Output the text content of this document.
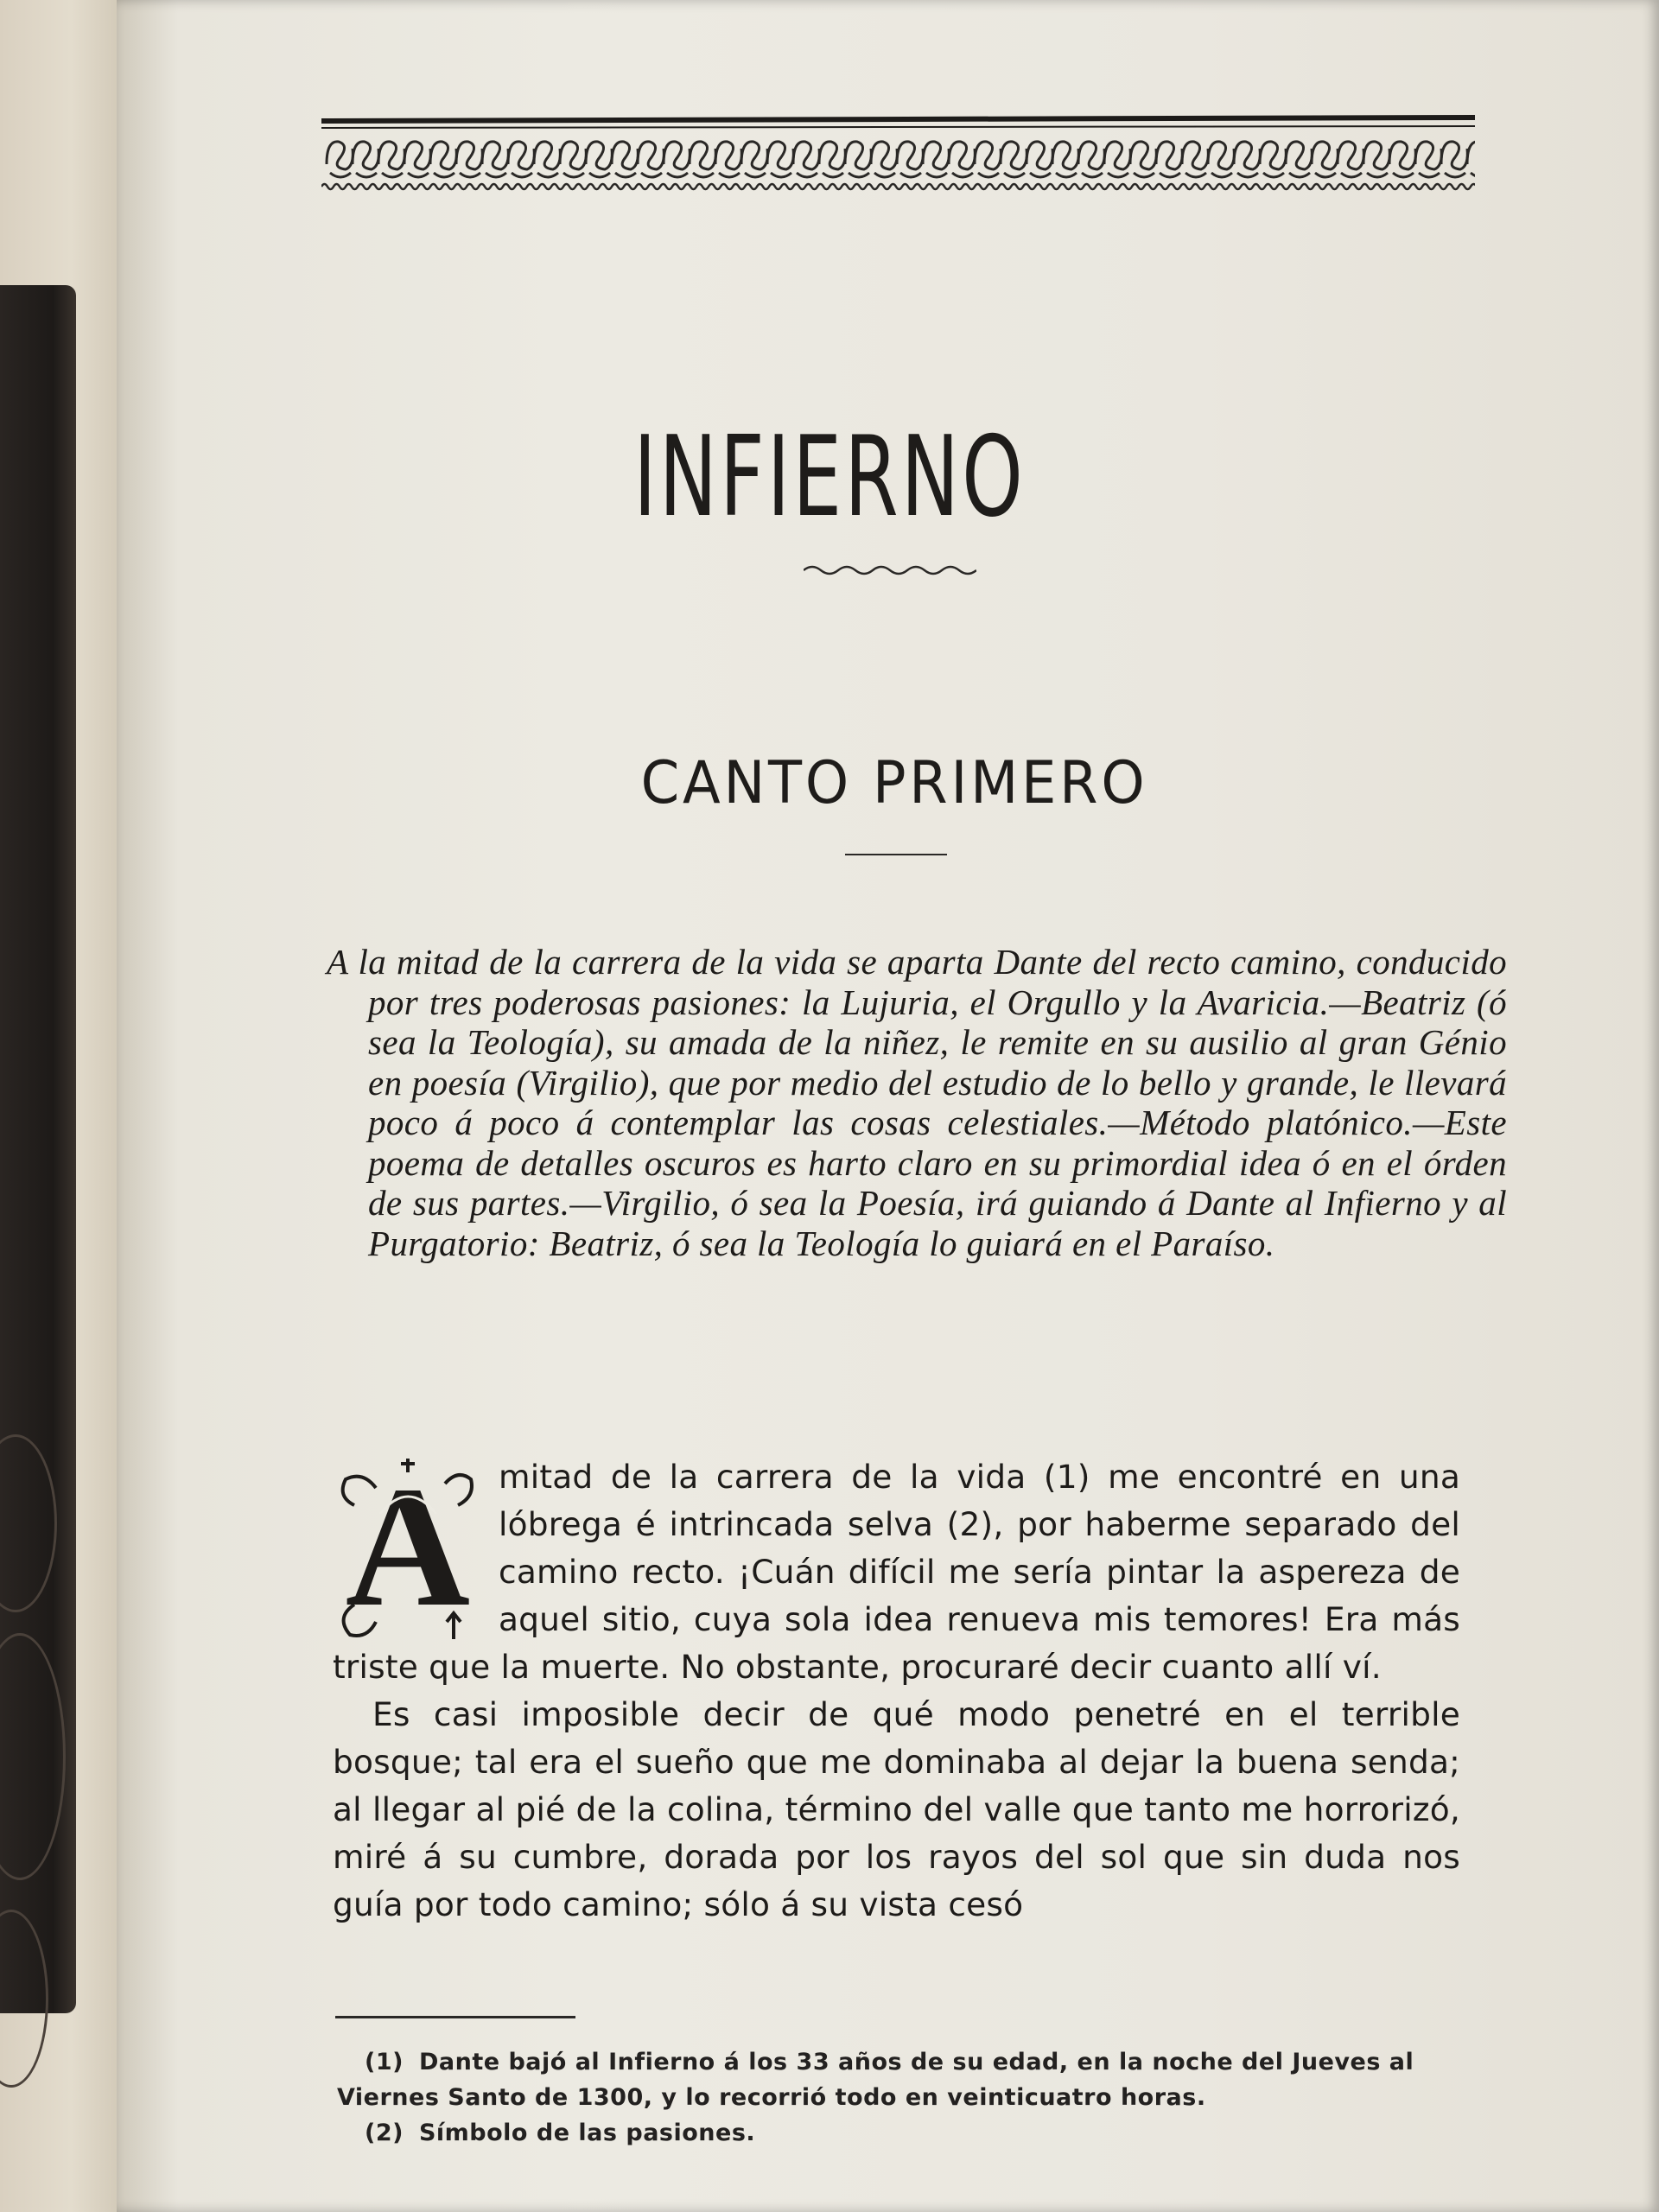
INFIERNO
CANTO PRIMERO
A la mitad de la carrera de la vida se aparta Dante del recto camino, conducido por tres poderosas pasiones: la Lujuria, el Orgullo y la Avaricia.—Beatriz (ó sea la Teología), su amada de la niñez, le remite en su ausilio al gran Génio en poesía (Virgilio), que por medio del estudio de lo bello y grande, le llevará poco á poco á contemplar las cosas celestiales.—Método platónico.—Este poema de detalles oscuros es harto claro en su primordial idea ó en el órden de sus partes.—Virgilio, ó sea la Poesía, irá guiando á Dante al Infierno y al Purgatorio: Beatriz, ó sea la Teología lo guiará en el Paraíso.
A mitad de la carrera de la vida (1) me encontré en una lóbrega é intrincada selva (2), por haberme separado del camino recto. ¡Cuán difícil me sería pintar la aspereza de aquel sitio, cuya sola idea renueva mis temores! Era más triste que la muerte. No obstante, procuraré decir cuanto allí ví.

Es casi imposible decir de qué modo penetré en el terrible bosque; tal era el sueño que me dominaba al dejar la buena senda; al llegar al pié de la colina, término del valle que tanto me horrorizó, miré á su cumbre, dorada por los rayos del sol que sin duda nos guía por todo camino; sólo á su vista cesó

(1) Dante bajó al Infierno á los 33 años de su edad, en la noche del Jueves al Viernes Santo de 1300, y lo recorrió todo en veinticuatro horas.

(2) Símbolo de las pasiones.
